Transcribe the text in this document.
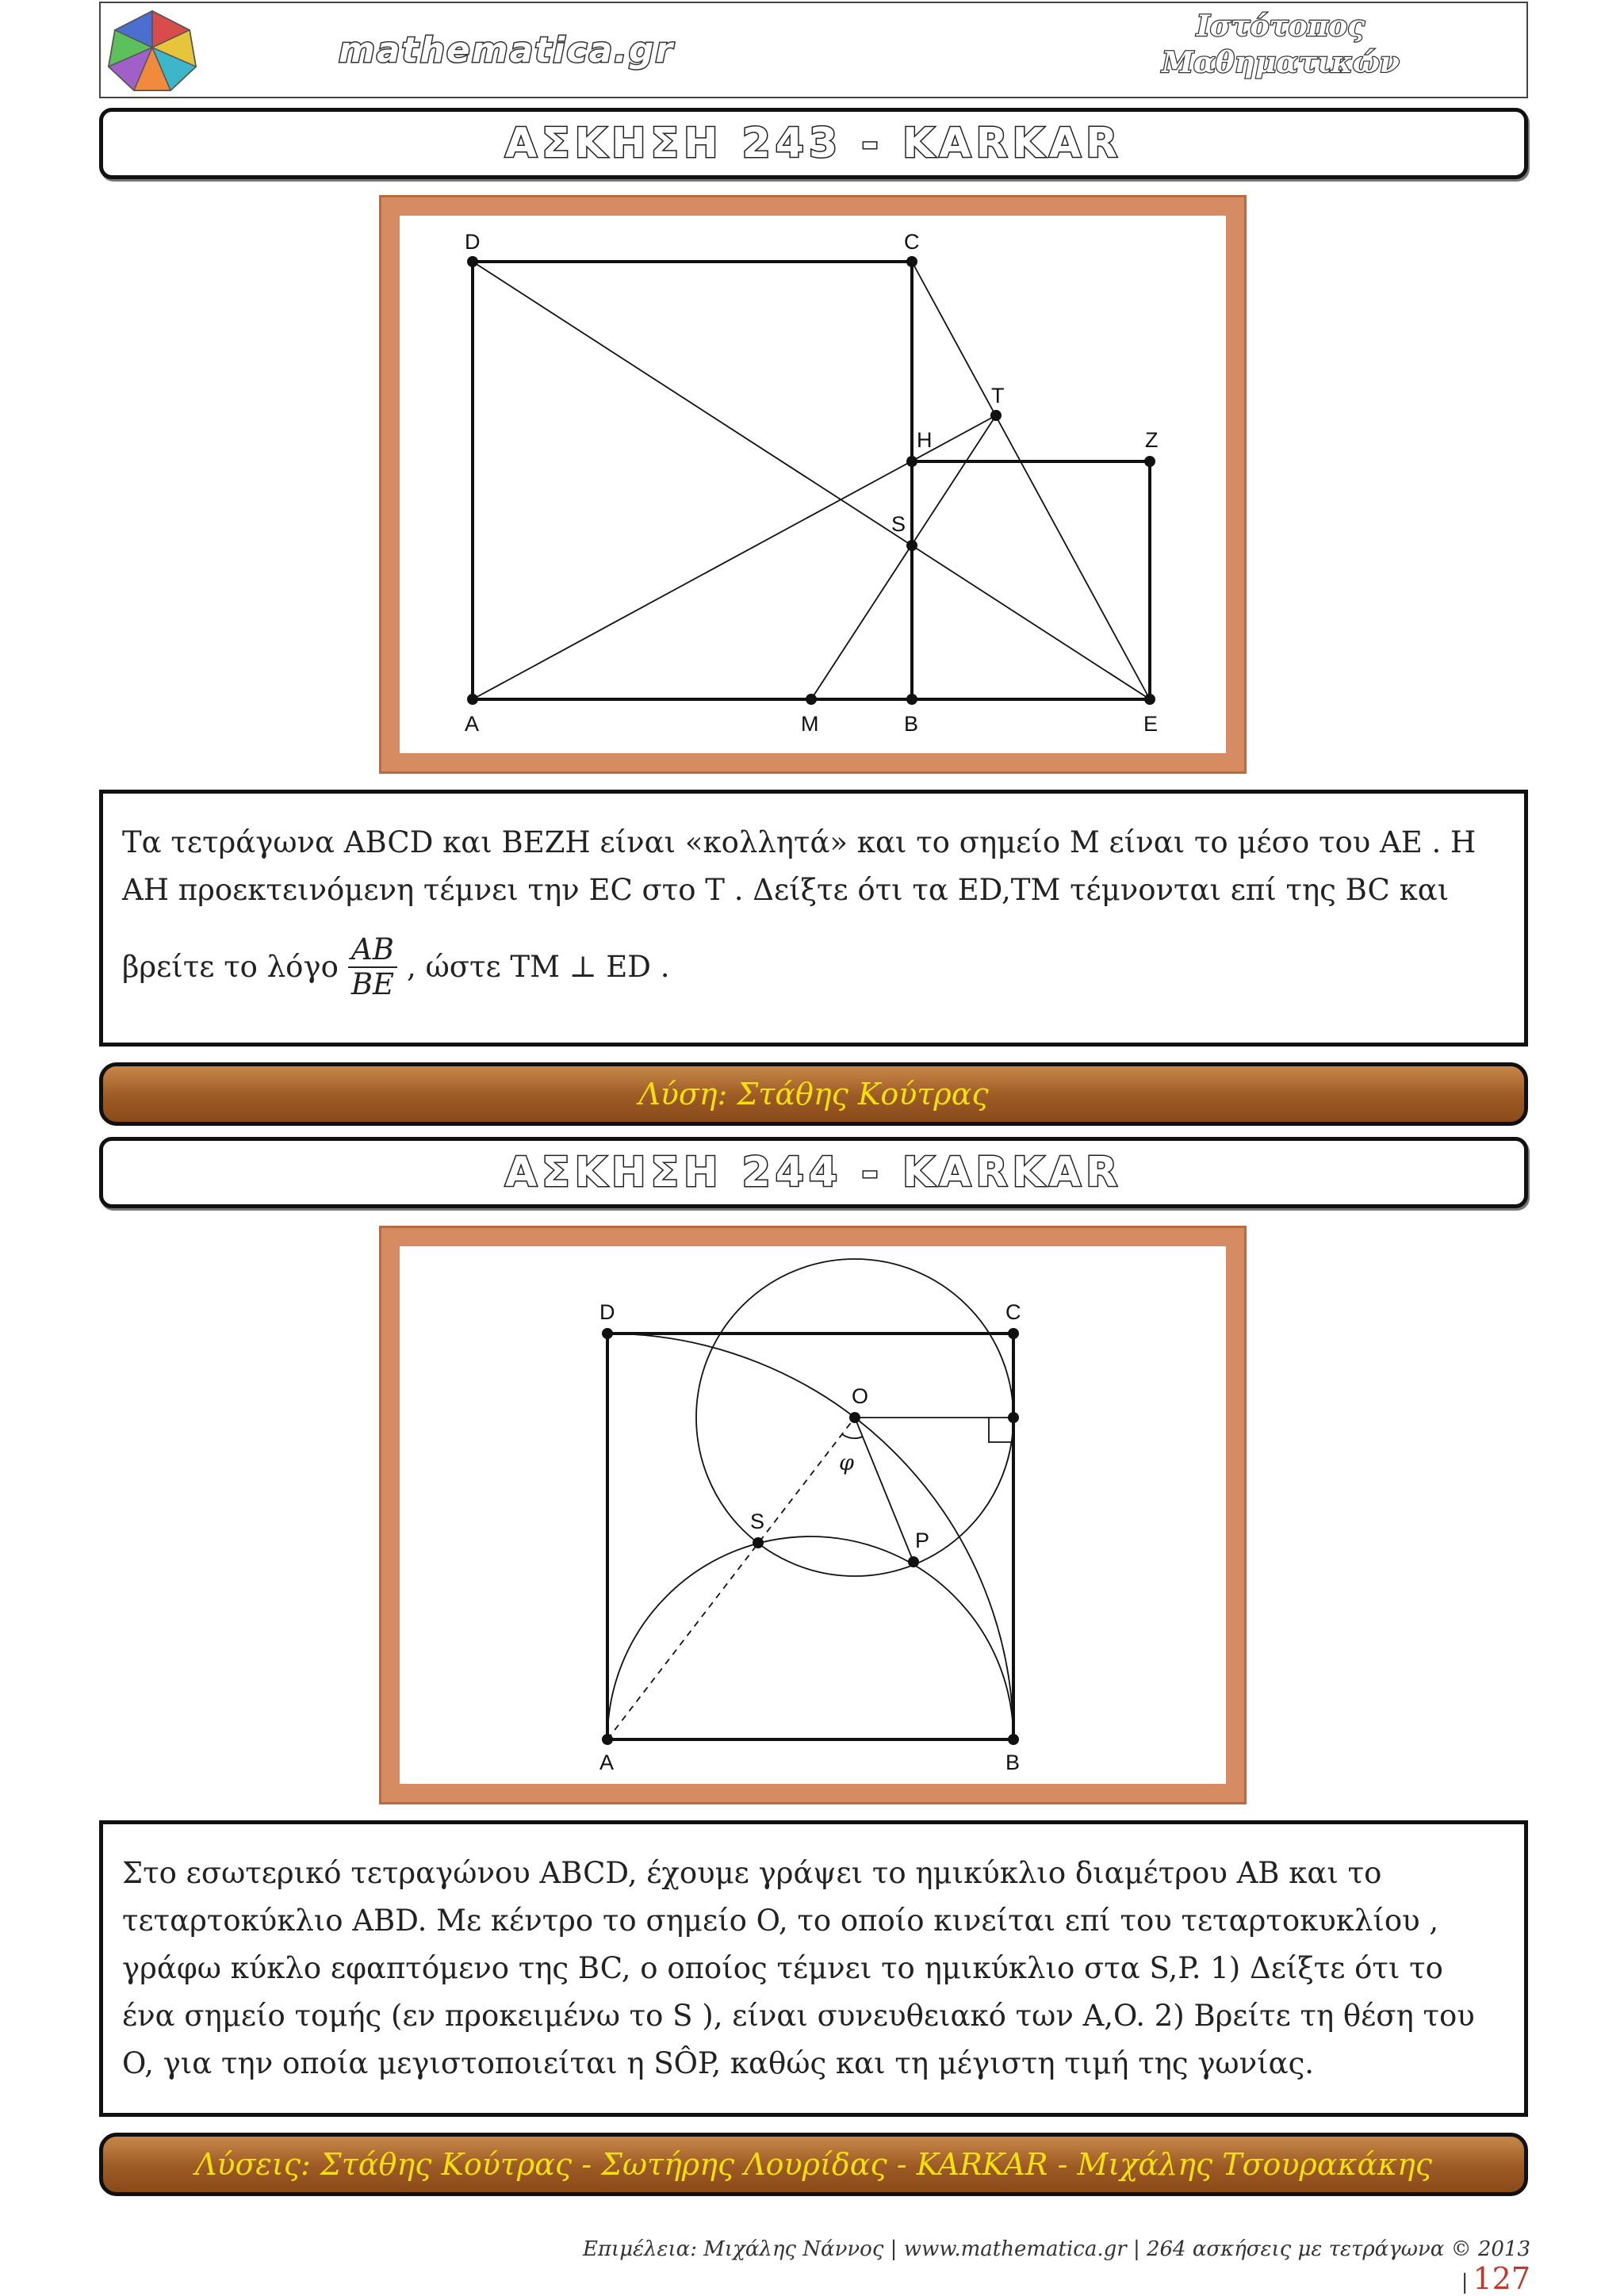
mathematica.gr
Ιστότοπος
Μαθηματικών
ΑΣΚΗΣΗ 243 - KARKAR
D	C
T
H	Z
S
A	M	B	E

Τα τετράγωνα ABCD και BEZH είναι «κολλητά» και το σημείο M είναι το μέσο του AE . Η

AH προεκτεινόμενη τέμνει την EC στο T . Δείξτε ότι τα ED,TM τέμνονται επί της BC και

βρείτε το λόγο $\frac{AB}{BE}$ , ώστε TM ⊥ ED .

Λύση: Στάθης Κούτρας
ΑΣΚΗΣΗ 244 - KARKAR
D	C
O
φ
S
P
A	B

Στο εσωτερικό τετραγώνου ABCD, έχουμε γράψει το ημικύκλιο διαμέτρου AB και το

τεταρτοκύκλιο ABD. Με κέντρο το σημείο O, το οποίο κινείται επί του τεταρτοκυκλίου ,

γράφω κύκλο εφαπτόμενο της BC, ο οποίος τέμνει το ημικύκλιο στα S,P. 1) Δείξτε ότι το

ένα σημείο τομής (εν προκειμένω το S ), είναι συνευθειακό των A,O. 2) Βρείτε τη θέση του

O, για την οποία μεγιστοποιείται η SÔP, καθώς και τη μέγιστη τιμή της γωνίας.

Λύσεις: Στάθης Κούτρας - Σωτήρης Λουρίδας - KARKAR - Μιχάλης Τσουρακάκης
Επιμέλεια: Μιχάλης Νάννος | www.mathematica.gr | 264 ασκήσεις με τετράγωνα © 2013 | 127
